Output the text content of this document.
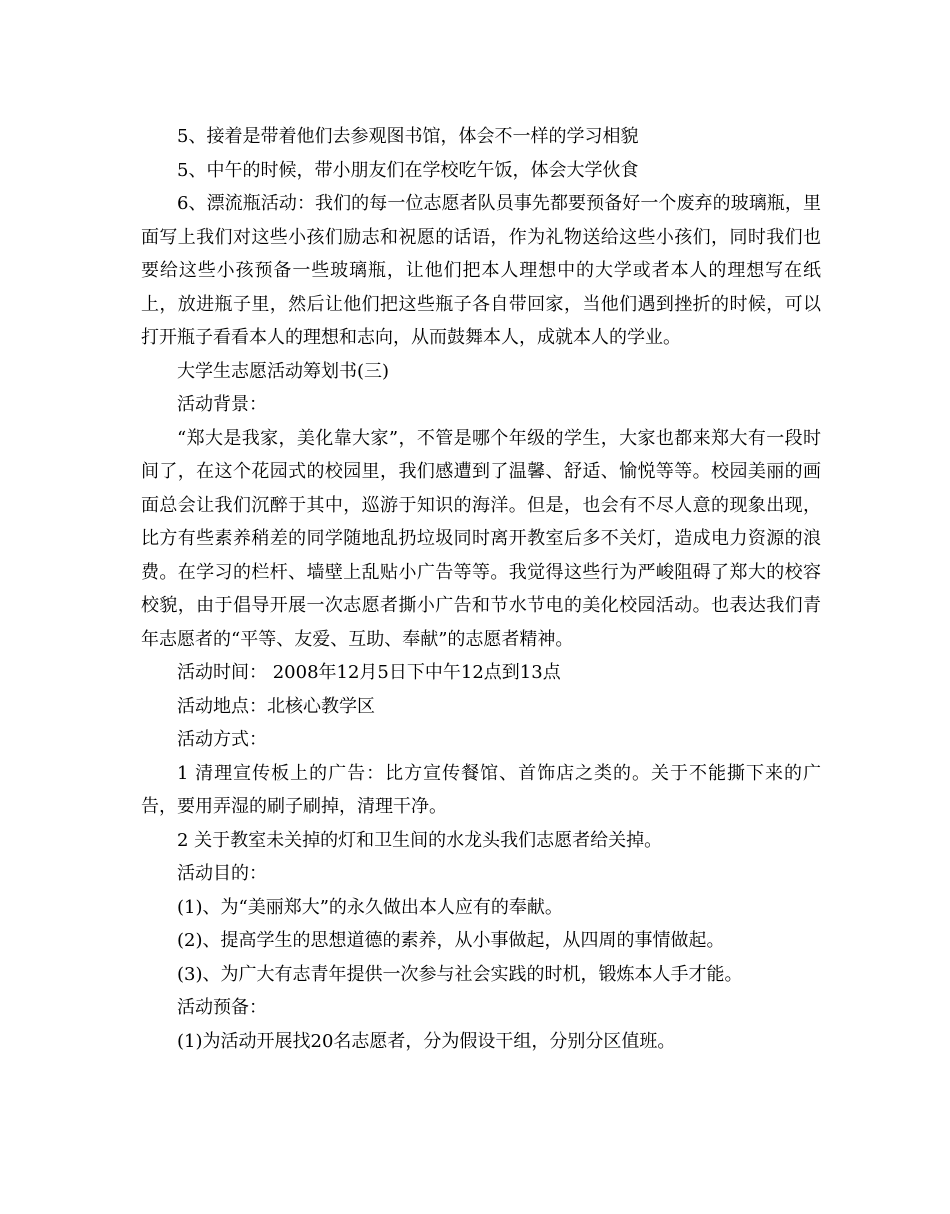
5、接着是带着他们去参观图书馆，体会不一样的学习相貌

5、中午的时候，带小朋友们在学校吃午饭，体会大学伙食

6、漂流瓶活动：我们的每一位志愿者队员事先都要预备好一个废弃的玻璃瓶，里面写上我们对这些小孩们励志和祝愿的话语，作为礼物送给这些小孩们，同时我们也要给这些小孩预备一些玻璃瓶，让他们把本人理想中的大学或者本人的理想写在纸上，放进瓶子里，然后让他们把这些瓶子各自带回家，当他们遇到挫折的时候，可以打开瓶子看看本人的理想和志向，从而鼓舞本人，成就本人的学业。

大学生志愿活动筹划书(三)

活动背景：

“郑大是我家，美化靠大家”，不管是哪个年级的学生，大家也都来郑大有一段时间了，在这个花园式的校园里，我们感遭到了温馨、舒适、愉悦等等。校园美丽的画面总会让我们沉醉于其中，巡游于知识的海洋。但是，也会有不尽人意的现象出现，比方有些素养稍差的同学随地乱扔垃圾同时离开教室后多不关灯，造成电力资源的浪费。在学习的栏杆、墙壁上乱贴小广告等等。我觉得这些行为严峻阻碍了郑大的校容校貌，由于倡导开展一次志愿者撕小广告和节水节电的美化校园活动。也表达我们青年志愿者的“平等、友爱、互助、奉献”的志愿者精神。

活动时间： 2008年12月5日下中午12点到13点

活动地点：北核心教学区

活动方式：

1 清理宣传板上的广告：比方宣传餐馆、首饰店之类的。关于不能撕下来的广告，要用弄湿的刷子刷掉，清理干净。

2 关于教室未关掉的灯和卫生间的水龙头我们志愿者给关掉。

活动目的：

(1)、为“美丽郑大”的永久做出本人应有的奉献。

(2)、提高学生的思想道德的素养，从小事做起，从四周的事情做起。

(3)、为广大有志青年提供一次参与社会实践的时机，锻炼本人手才能。

活动预备：

(1)为活动开展找20名志愿者，分为假设干组，分别分区值班。
